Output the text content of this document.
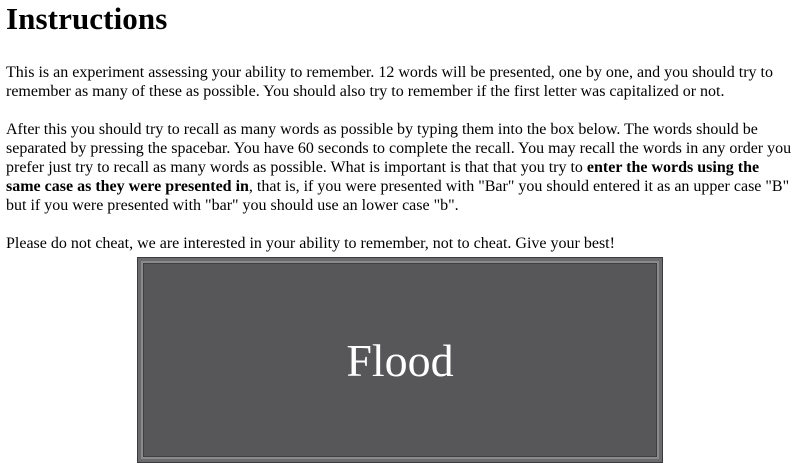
Instructions

This is an experiment assessing your ability to remember. 12 words will be presented, one by one, and you should try to remember as many of these as possible. You should also try to remember if the first letter was capitalized or not.

After this you should try to recall as many words as possible by typing them into the box below. The words should be separated by pressing the spacebar. You have 60 seconds to complete the recall. You may recall the words in any order you prefer just try to recall as many words as possible. What is important is that that you try to enter the words using the same case as they were presented in, that is, if you were presented with "Bar" you should entered it as an upper case "B" but if you were presented with "bar" you should use an lower case "b".

Please do not cheat, we are interested in your ability to remember, not to cheat. Give your best!

Flood
